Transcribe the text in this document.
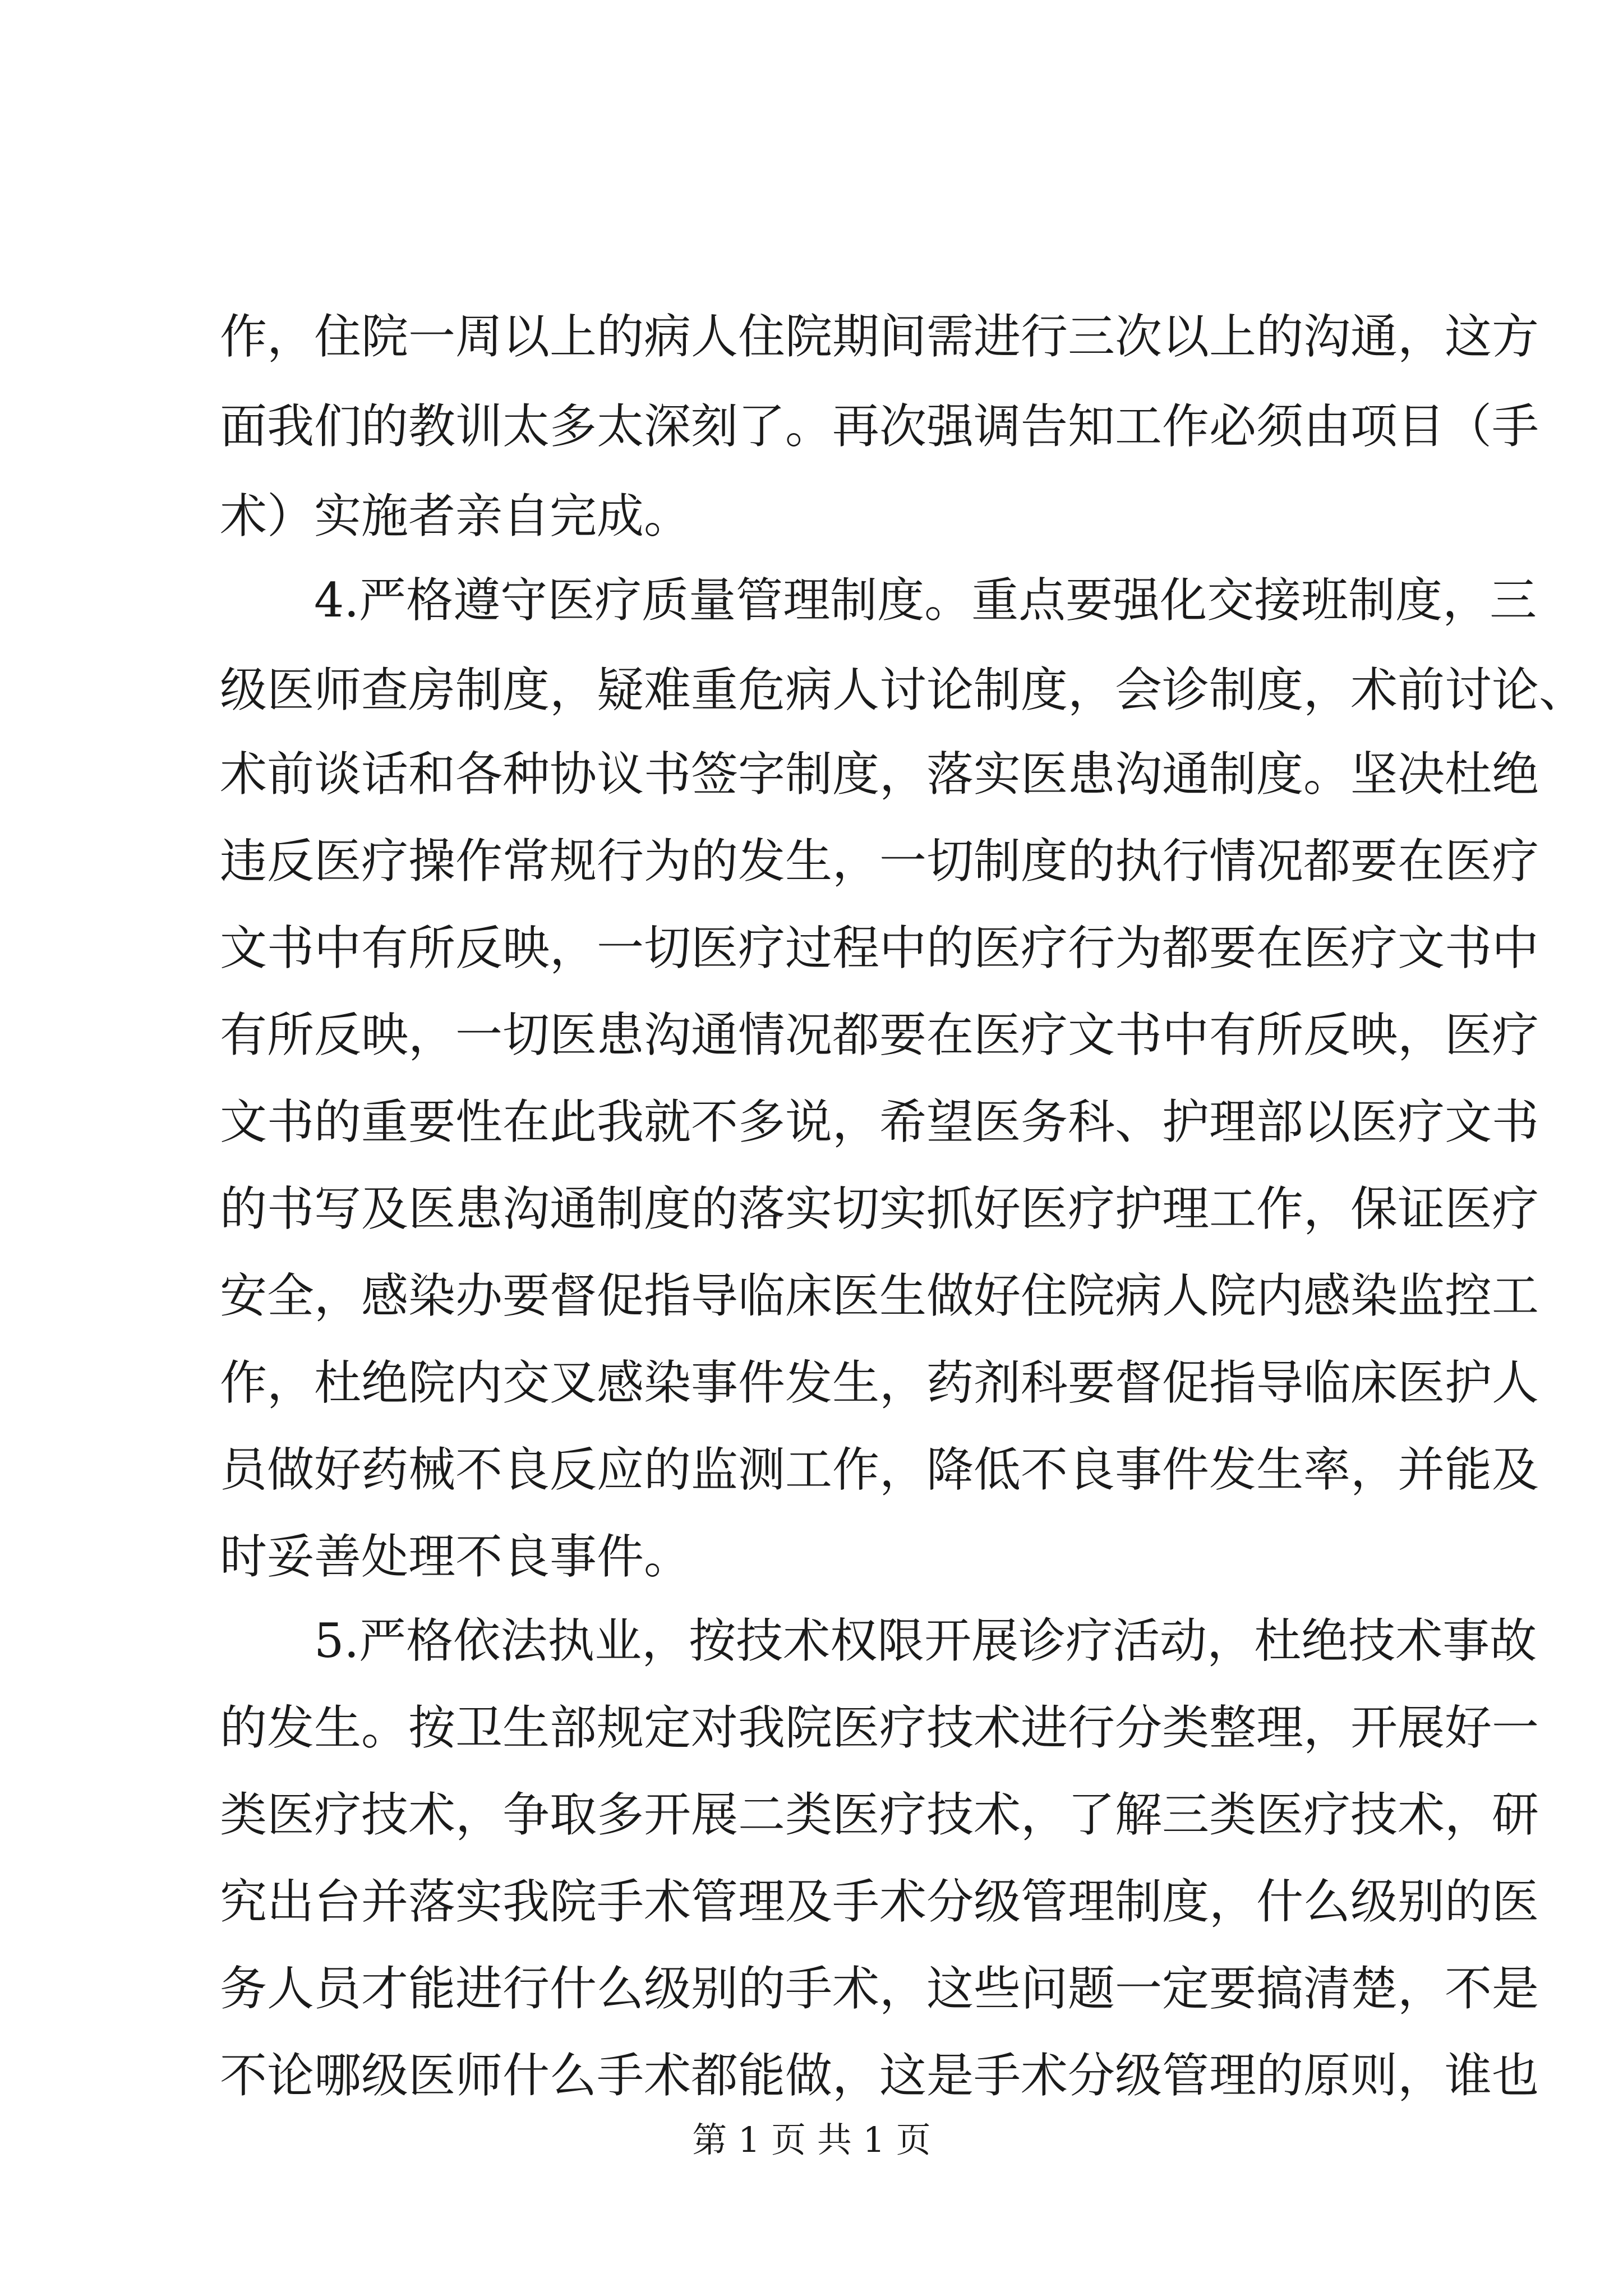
作，住院一周以上的病人住院期间需进行三次以上的沟通，这方
面我们的教训太多太深刻了。再次强调告知工作必须由项目（手
术）实施者亲自完成。
4.严格遵守医疗质量管理制度。重点要强化交接班制度，三
级医师查房制度，疑难重危病人讨论制度，会诊制度，术前讨论、
术前谈话和各种协议书签字制度，落实医患沟通制度。坚决杜绝
违反医疗操作常规行为的发生，一切制度的执行情况都要在医疗
文书中有所反映，一切医疗过程中的医疗行为都要在医疗文书中
有所反映，一切医患沟通情况都要在医疗文书中有所反映，医疗
文书的重要性在此我就不多说，希望医务科、护理部以医疗文书
的书写及医患沟通制度的落实切实抓好医疗护理工作，保证医疗
安全，感染办要督促指导临床医生做好住院病人院内感染监控工
作，杜绝院内交叉感染事件发生，药剂科要督促指导临床医护人
员做好药械不良反应的监测工作，降低不良事件发生率，并能及
时妥善处理不良事件。
5.严格依法执业，按技术权限开展诊疗活动，杜绝技术事故
的发生。按卫生部规定对我院医疗技术进行分类整理，开展好一
类医疗技术，争取多开展二类医疗技术，了解三类医疗技术，研
究出台并落实我院手术管理及手术分级管理制度，什么级别的医
务人员才能进行什么级别的手术，这些问题一定要搞清楚，不是
不论哪级医师什么手术都能做，这是手术分级管理的原则，谁也
第 1 页 共 1 页
